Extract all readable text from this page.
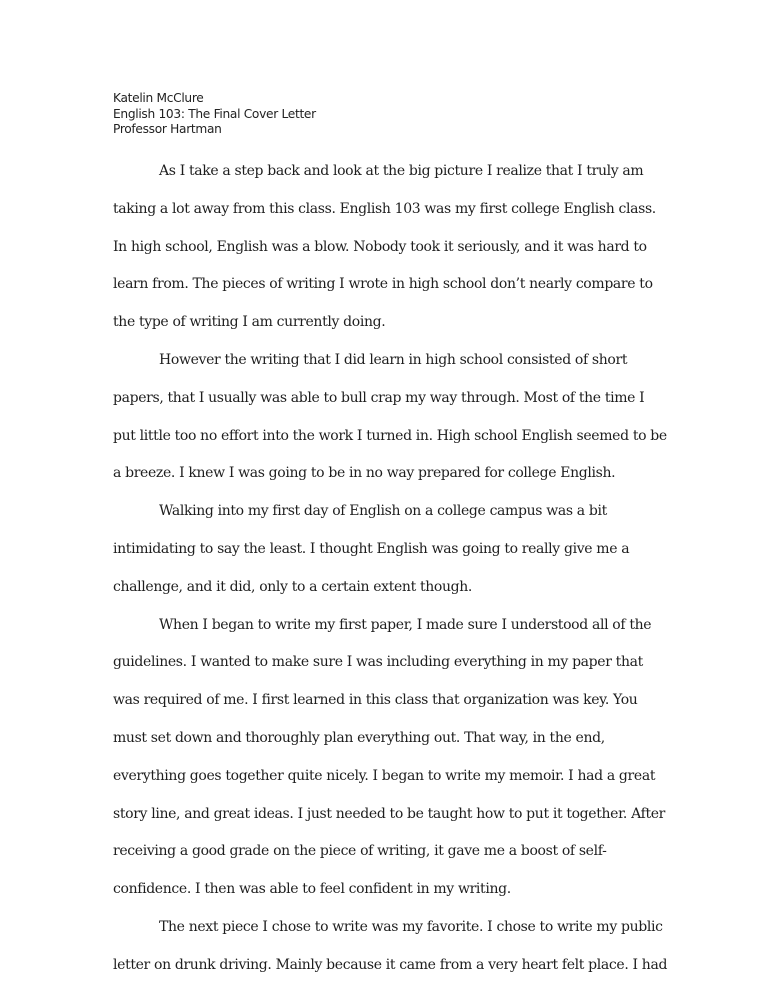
Katelin McClure
English 103: The Final Cover Letter
Professor Hartman
As I take a step back and look at the big picture I realize that I truly am
taking a lot away from this class. English 103 was my first college English class.
In high school, English was a blow. Nobody took it seriously, and it was hard to
learn from. The pieces of writing I wrote in high school don’t nearly compare to
the type of writing I am currently doing.
However the writing that I did learn in high school consisted of short
papers, that I usually was able to bull crap my way through. Most of the time I
put little too no effort into the work I turned in. High school English seemed to be
a breeze. I knew I was going to be in no way prepared for college English.
Walking into my first day of English on a college campus was a bit
intimidating to say the least. I thought English was going to really give me a
challenge, and it did, only to a certain extent though.
When I began to write my first paper, I made sure I understood all of the
guidelines. I wanted to make sure I was including everything in my paper that
was required of me. I first learned in this class that organization was key. You
must set down and thoroughly plan everything out. That way, in the end,
everything goes together quite nicely. I began to write my memoir. I had a great
story line, and great ideas. I just needed to be taught how to put it together. After
receiving a good grade on the piece of writing, it gave me a boost of self-
confidence. I then was able to feel confident in my writing.
The next piece I chose to write was my favorite. I chose to write my public
letter on drunk driving. Mainly because it came from a very heart felt place. I had
